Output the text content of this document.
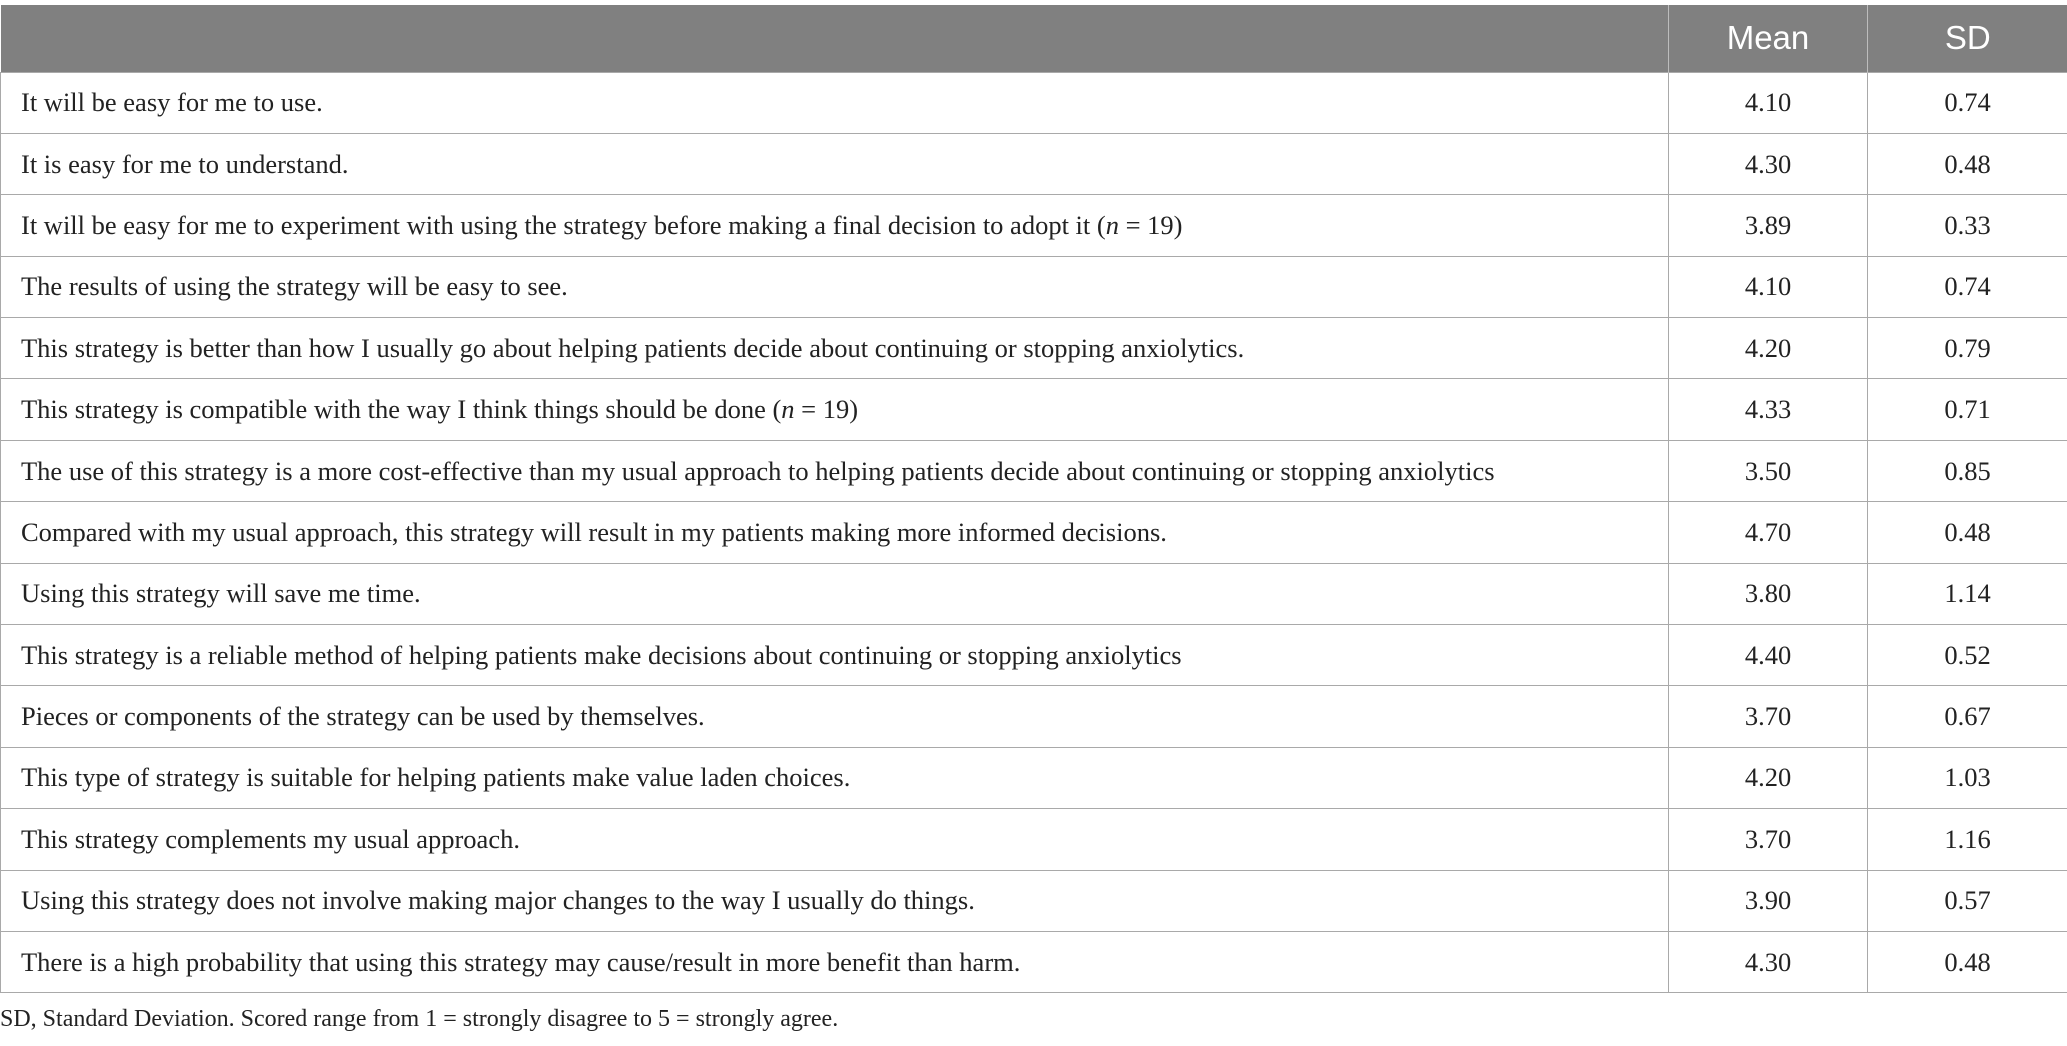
	Mean	SD
It will be easy for me to use.	4.10	0.74
It is easy for me to understand.	4.30	0.48
It will be easy for me to experiment with using the strategy before making a final decision to adopt it (n = 19)	3.89	0.33
The results of using the strategy will be easy to see.	4.10	0.74
This strategy is better than how I usually go about helping patients decide about continuing or stopping anxiolytics.	4.20	0.79
This strategy is compatible with the way I think things should be done (n = 19)	4.33	0.71
The use of this strategy is a more cost-effective than my usual approach to helping patients decide about continuing or stopping anxiolytics	3.50	0.85
Compared with my usual approach, this strategy will result in my patients making more informed decisions.	4.70	0.48
Using this strategy will save me time.	3.80	1.14
This strategy is a reliable method of helping patients make decisions about continuing or stopping anxiolytics	4.40	0.52
Pieces or components of the strategy can be used by themselves.	3.70	0.67
This type of strategy is suitable for helping patients make value laden choices.	4.20	1.03
This strategy complements my usual approach.	3.70	1.16
Using this strategy does not involve making major changes to the way I usually do things.	3.90	0.57
There is a high probability that using this strategy may cause/result in more benefit than harm.	4.30	0.48
SD, Standard Deviation. Scored range from 1 = strongly disagree to 5 = strongly agree.
